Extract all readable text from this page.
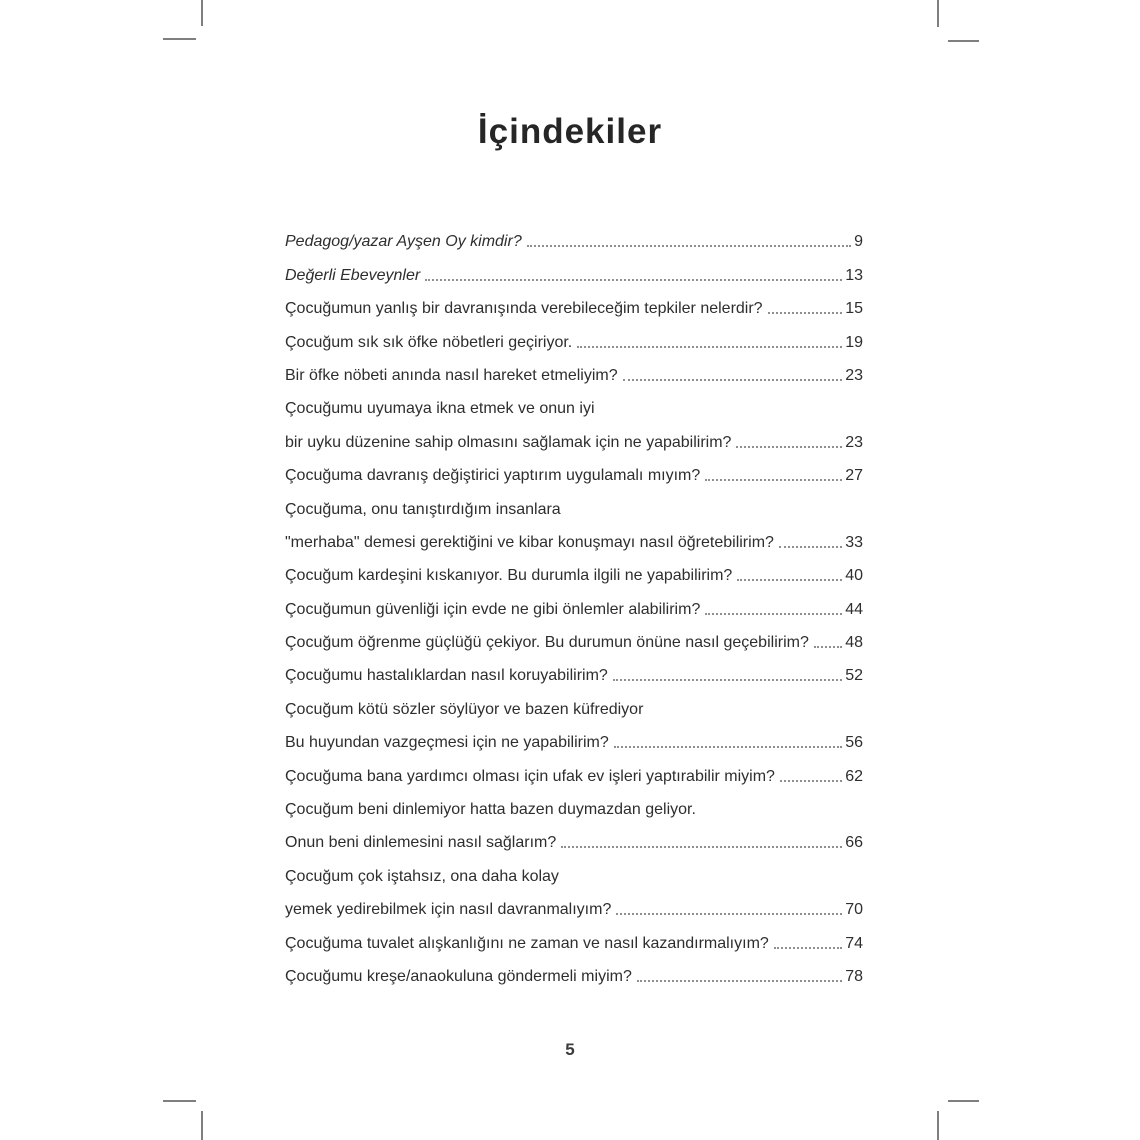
İçindekiler
Pedagog/yazar Ayşen Oy kimdir?	9
Değerli Ebeveynler	13
Çocuğumun yanlış bir davranışında verebileceğim tepkiler nelerdir?	15
Çocuğum sık sık öfke nöbetleri geçiriyor.	19
Bir öfke nöbeti anında nasıl hareket etmeliyim?	23
Çocuğumu uyumaya ikna etmek ve onun iyi
bir uyku düzenine sahip olmasını sağlamak için ne yapabilirim?	23
Çocuğuma davranış değiştirici yaptırım uygulamalı mıyım?	27
Çocuğuma, onu tanıştırdığım insanlara
"merhaba" demesi gerektiğini ve kibar konuşmayı nasıl öğretebilirim?	33
Çocuğum kardeşini kıskanıyor. Bu durumla ilgili ne yapabilirim?	40
Çocuğumun güvenliği için evde ne gibi önlemler alabilirim?	44
Çocuğum öğrenme güçlüğü çekiyor. Bu durumun önüne nasıl geçebilirim? 48
Çocuğumu hastalıklardan nasıl koruyabilirim?	52
Çocuğum kötü sözler söylüyor ve bazen küfrediyor
Bu huyundan vazgeçmesi için ne yapabilirim?	56
Çocuğuma bana yardımcı olması için ufak ev işleri yaptırabilir miyim?	62
Çocuğum beni dinlemiyor hatta bazen duymazdan geliyor.
Onun beni dinlemesini nasıl sağlarım?	66
Çocuğum çok iştahsız, ona daha kolay
yemek yedirebilmek için nasıl davranmalıyım?	70
Çocuğuma tuvalet alışkanlığını ne zaman ve nasıl kazandırmalıyım?	74
Çocuğumu kreşe/anaokuluna göndermeli miyim?	78
5
